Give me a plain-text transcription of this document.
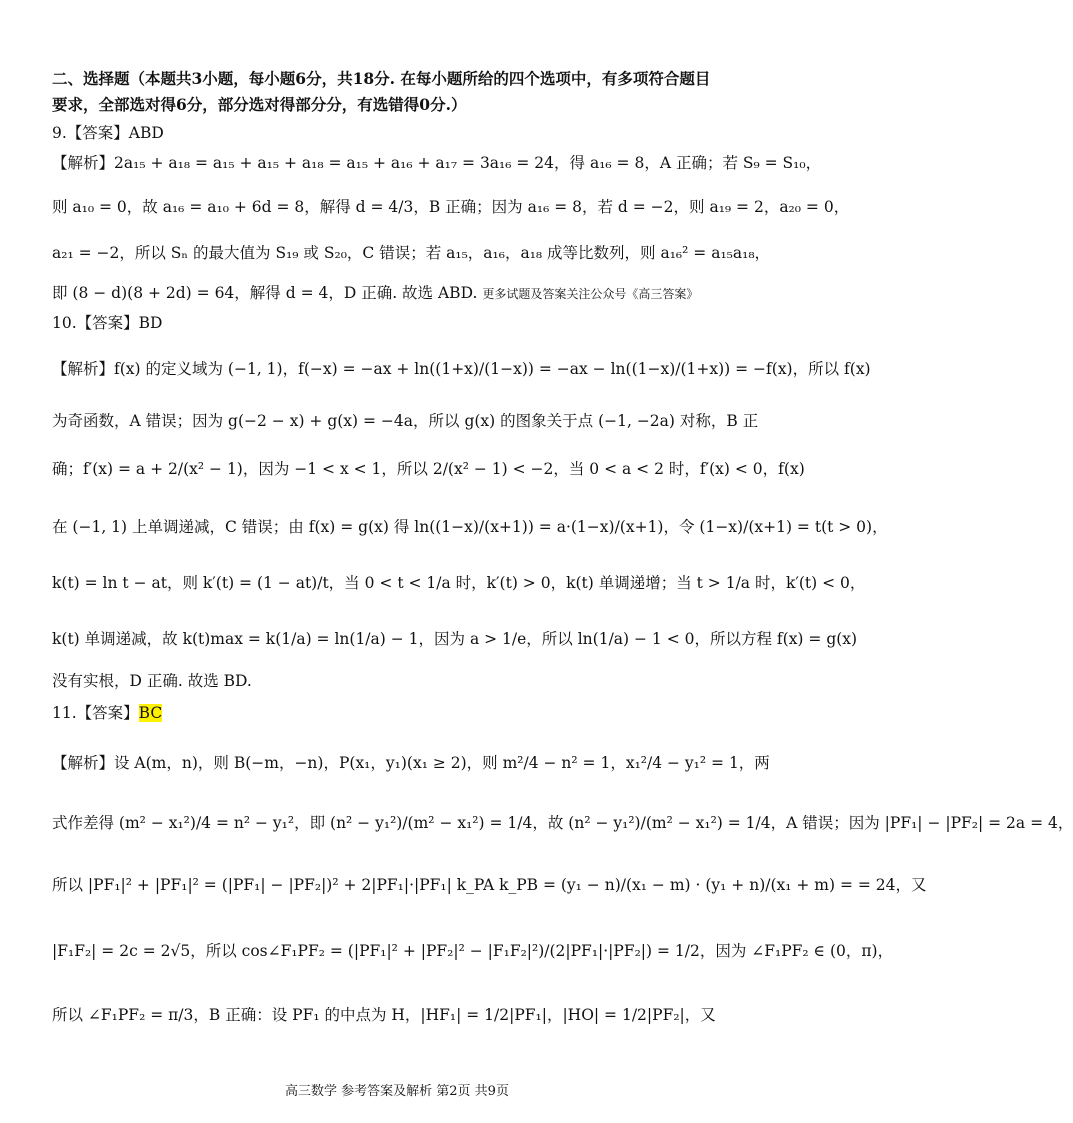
二、选择题（本题共3小题，每小题6分，共18分. 在每小题所给的四个选项中，有多项符合题目
要求，全部选对得6分，部分选对得部分分，有选错得0分.）
9.【答案】ABD
【解析】2a₁₅ + a₁₈ = a₁₅ + a₁₅ + a₁₈ = a₁₅ + a₁₆ + a₁₇ = 3a₁₆ = 24，得 a₁₆ = 8，A 正确；若 S₉ = S₁₀，
则 a₁₀ = 0，故 a₁₆ = a₁₀ + 6d = 8，解得 d = 4/3，B 正确；因为 a₁₆ = 8，若 d = −2，则 a₁₉ = 2，a₂₀ = 0，
a₂₁ = −2，所以 Sₙ 的最大值为 S₁₉ 或 S₂₀，C 错误；若 a₁₅，a₁₆，a₁₈ 成等比数列，则 a₁₆² = a₁₅a₁₈，
即 (8 − d)(8 + 2d) = 64，解得 d = 4，D 正确. 故选 ABD. 更多试题及答案关注公众号《高三答案》
10.【答案】BD
【解析】f(x) 的定义域为 (−1, 1)，f(−x) = −ax + ln((1+x)/(1−x)) = −ax − ln((1−x)/(1+x)) = −f(x)，所以 f(x)
为奇函数，A 错误；因为 g(−2 − x) + g(x) = −4a，所以 g(x) 的图象关于点 (−1, −2a) 对称，B 正
确；f′(x) = a + 2/(x² − 1)，因为 −1 < x < 1，所以 2/(x² − 1) < −2，当 0 < a < 2 时，f′(x) < 0，f(x)
在 (−1, 1) 上单调递减，C 错误；由 f(x) = g(x) 得 ln((1−x)/(x+1)) = a·(1−x)/(x+1)，令 (1−x)/(x+1) = t(t > 0)，
k(t) = ln t − at，则 k′(t) = (1 − at)/t，当 0 < t < 1/a 时，k′(t) > 0，k(t) 单调递增；当 t > 1/a 时，k′(t) < 0，
k(t) 单调递减，故 k(t)max = k(1/a) = ln(1/a) − 1，因为 a > 1/e，所以 ln(1/a) − 1 < 0，所以方程 f(x) = g(x)
没有实根，D 正确. 故选 BD.
11.【答案】BC
【解析】设 A(m，n)，则 B(−m，−n)，P(x₁，y₁)(x₁ ≥ 2)，则 m²/4 − n² = 1，x₁²/4 − y₁² = 1，两
式作差得 (m² − x₁²)/4 = n² − y₁²，即 (n² − y₁²)/(m² − x₁²) = 1/4，故 (n² − y₁²)/(m² − x₁²) = 1/4，A 错误；因为 |PF₁| − |PF₂| = 2a = 4，
所以 |PF₁|² + |PF₁|² = (|PF₁| − |PF₂|)² + 2|PF₁|·|PF₁| k_PA k_PB = (y₁ − n)/(x₁ − m) · (y₁ + n)/(x₁ + m) = = 24，又
|F₁F₂| = 2c = 2√5，所以 cos∠F₁PF₂ = (|PF₁|² + |PF₂|² − |F₁F₂|²)/(2|PF₁|·|PF₂|) = 1/2，因为 ∠F₁PF₂ ∈ (0，π)，
所以 ∠F₁PF₂ = π/3，B 正确：设 PF₁ 的中点为 H，|HF₁| = 1/2|PF₁|，|HO| = 1/2|PF₂|，又
高三数学 参考答案及解析 第2页 共9页
